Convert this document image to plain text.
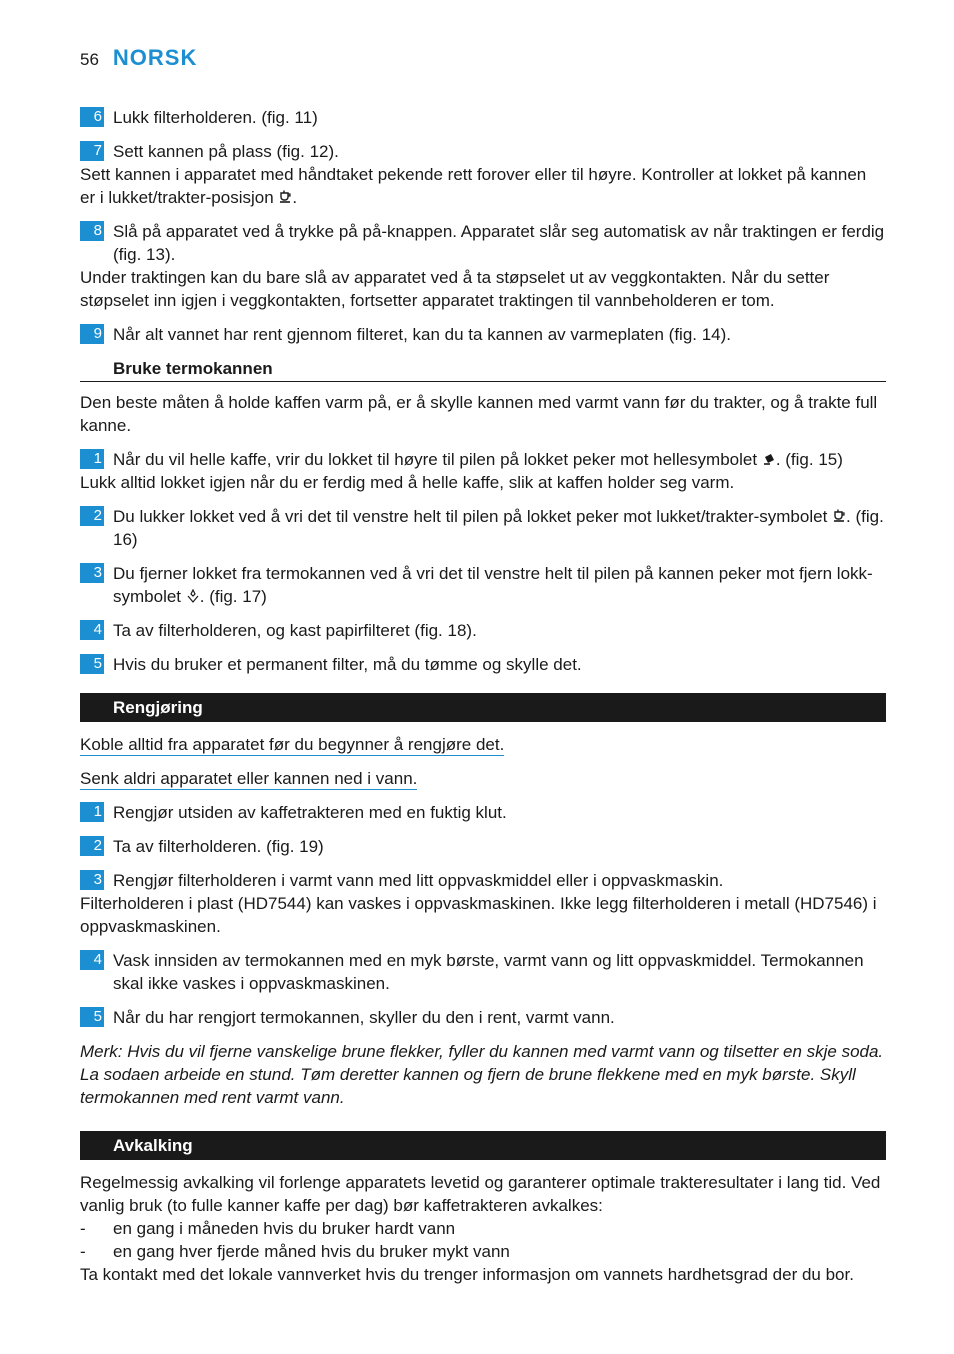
56 NORSK
6 Lukk filterholderen. (fig. 11)
7 Sett kannen på plass (fig. 12).
Sett kannen i apparatet med håndtaket pekende rett forover eller til høyre. Kontroller at lokket på kannen er i lukket/trakter-posisjon .
8 Slå på apparatet ved å trykke på på-knappen. Apparatet slår seg automatisk av når traktingen er ferdig (fig. 13).
Under traktingen kan du bare slå av apparatet ved å ta støpselet ut av veggkontakten. Når du setter støpselet inn igjen i veggkontakten, fortsetter apparatet traktingen til vannbeholderen er tom.
9 Når alt vannet har rent gjennom filteret, kan du ta kannen av varmeplaten (fig. 14).
Bruke termokannen
Den beste måten å holde kaffen varm på, er å skylle kannen med varmt vann før du trakter, og å trakte full kanne.
1 Når du vil helle kaffe, vrir du lokket til høyre til pilen på lokket peker mot hellesymbolet . (fig. 15)
Lukk alltid lokket igjen når du er ferdig med å helle kaffe, slik at kaffen holder seg varm.
2 Du lukker lokket ved å vri det til venstre helt til pilen på lokket peker mot lukket/trakter-symbolet . (fig. 16)
3 Du fjerner lokket fra termokannen ved å vri det til venstre helt til pilen på kannen peker mot fjern lokk-symbolet . (fig. 17)
4 Ta av filterholderen, og kast papirfilteret (fig. 18).
5 Hvis du bruker et permanent filter, må du tømme og skylle det.
Rengjøring
Koble alltid fra apparatet før du begynner å rengjøre det.
Senk aldri apparatet eller kannen ned i vann.
1 Rengjør utsiden av kaffetrakteren med en fuktig klut.
2 Ta av filterholderen. (fig. 19)
3 Rengjør filterholderen i varmt vann med litt oppvaskmiddel eller i oppvaskmaskin.
Filterholderen i plast (HD7544) kan vaskes i oppvaskmaskinen. Ikke legg filterholderen i metall (HD7546) i oppvaskmaskinen.
4 Vask innsiden av termokannen med en myk børste, varmt vann og litt oppvaskmiddel. Termokannen skal ikke vaskes i oppvaskmaskinen.
5 Når du har rengjort termokannen, skyller du den i rent, varmt vann.
Merk: Hvis du vil fjerne vanskelige brune flekker, fyller du kannen med varmt vann og tilsetter en skje soda. La sodaen arbeide en stund. Tøm deretter kannen og fjern de brune flekkene med en myk børste. Skyll termokannen med rent varmt vann.
Avkalking
Regelmessig avkalking vil forlenge apparatets levetid og garanterer optimale trakteresultater i lang tid. Ved vanlig bruk (to fulle kanner kaffe per dag) bør kaffetrakteren avkalkes:
-	en gang i måneden hvis du bruker hardt vann
-	en gang hver fjerde måned hvis du bruker mykt vann
Ta kontakt med det lokale vannverket hvis du trenger informasjon om vannets hardhetsgrad der du bor.
